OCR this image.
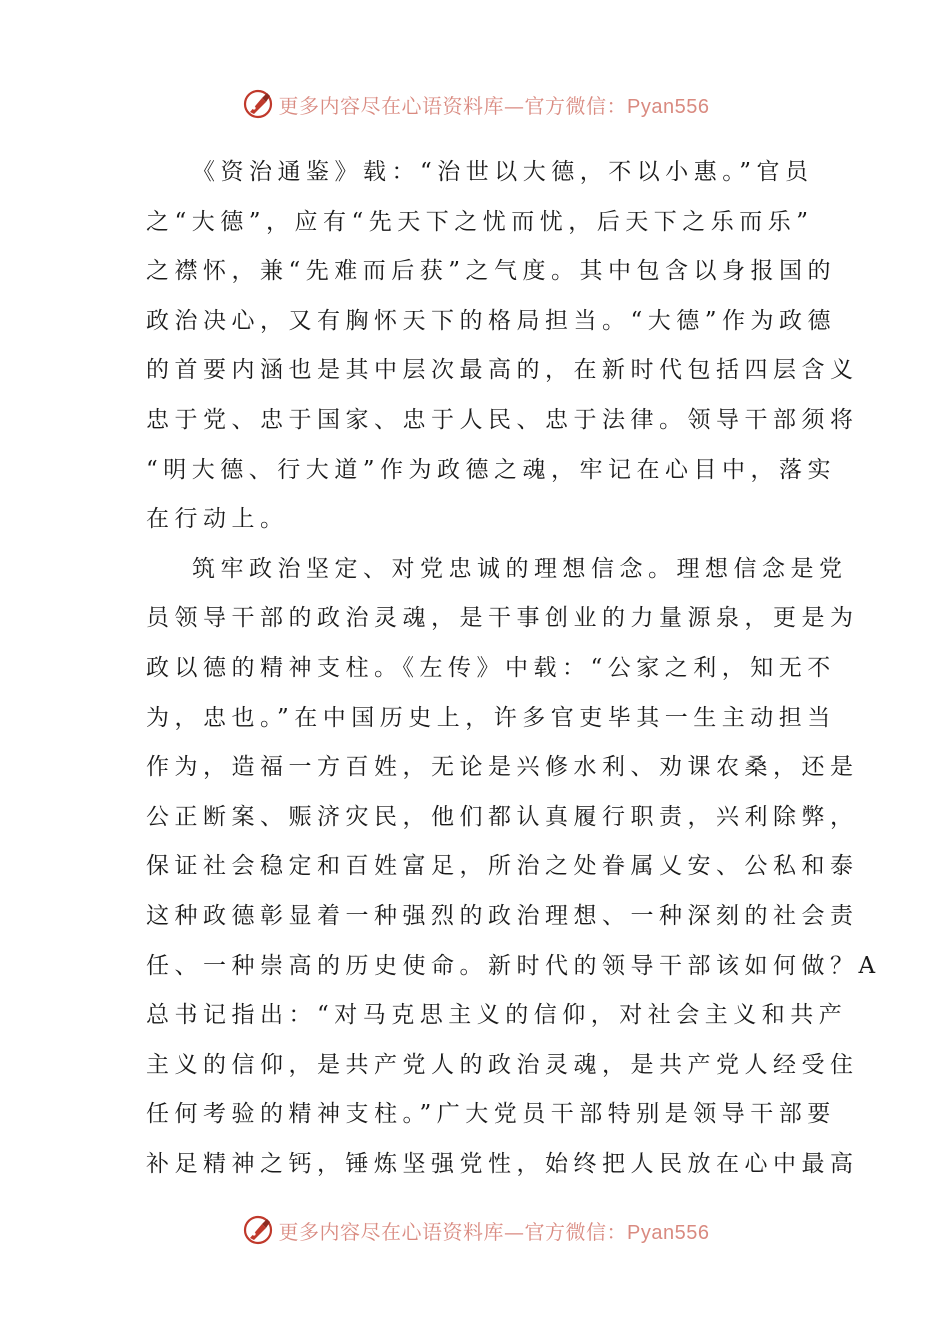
更多内容尽在心语资料库—官方微信：Pyan556
《资治通鉴》载：“治世以大德，不以小惠。”官员
之“大德”，应有“先天下之忧而忧，后天下之乐而乐”
之襟怀，兼“先难而后获”之气度。其中包含以身报国的
政治决心，又有胸怀天下的格局担当。“大德”作为政德
的首要内涵也是其中层次最高的，在新时代包括四层含义
忠于党、忠于国家、忠于人民、忠于法律。领导干部须将
“明大德、行大道”作为政德之魂，牢记在心目中，落实
在行动上。
筑牢政治坚定、对党忠诚的理想信念。理想信念是党
员领导干部的政治灵魂，是干事创业的力量源泉，更是为
政以德的精神支柱。《左传》中载：“公家之利，知无不
为，忠也。”在中国历史上，许多官吏毕其一生主动担当
作为，造福一方百姓，无论是兴修水利、劝课农桑，还是
公正断案、赈济灾民，他们都认真履行职责，兴利除弊，
保证社会稳定和百姓富足，所治之处眷属乂安、公私和泰
这种政德彰显着一种强烈的政治理想、一种深刻的社会责
任、一种崇高的历史使命。新时代的领导干部该如何做？A
总书记指出：“对马克思主义的信仰，对社会主义和共产
主义的信仰，是共产党人的政治灵魂，是共产党人经受住
任何考验的精神支柱。”广大党员干部特别是领导干部要
补足精神之钙，锤炼坚强党性，始终把人民放在心中最高
更多内容尽在心语资料库—官方微信：Pyan556
